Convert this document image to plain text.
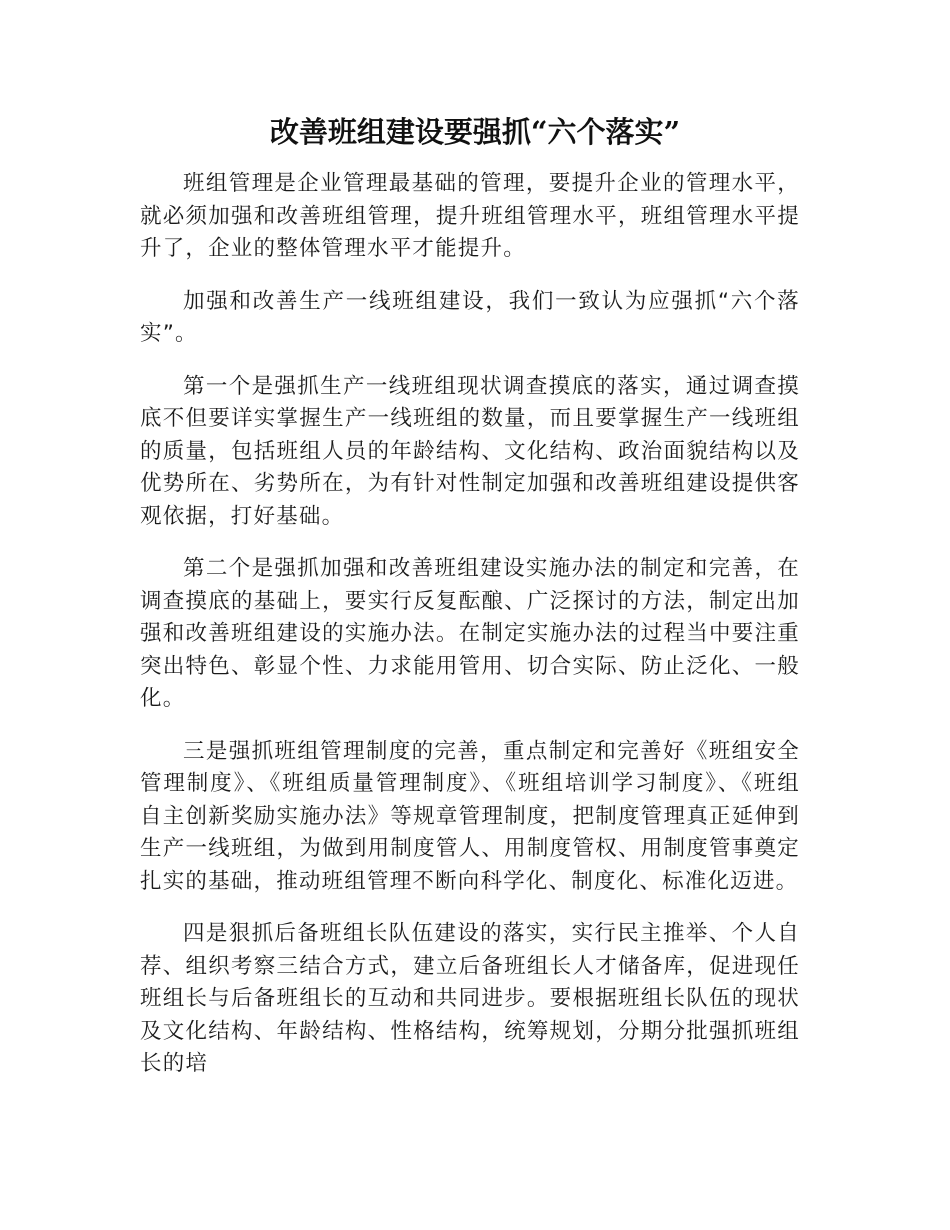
改善班组建设要强抓“六个落实”

班组管理是企业管理最基础的管理，要提升企业的管理水平，就必须加强和改善班组管理，提升班组管理水平，班组管理水平提升了，企业的整体管理水平才能提升。

加强和改善生产一线班组建设，我们一致认为应强抓“六个落实”。

第一个是强抓生产一线班组现状调查摸底的落实，通过调查摸底不但要详实掌握生产一线班组的数量，而且要掌握生产一线班组的质量，包括班组人员的年龄结构、文化结构、政治面貌结构以及优势所在、劣势所在，为有针对性制定加强和改善班组建设提供客观依据，打好基础。

第二个是强抓加强和改善班组建设实施办法的制定和完善，在调查摸底的基础上，要实行反复酝酿、广泛探讨的方法，制定出加强和改善班组建设的实施办法。在制定实施办法的过程当中要注重突出特色、彰显个性、力求能用管用、切合实际、防止泛化、一般化。

三是强抓班组管理制度的完善，重点制定和完善好《班组安全管理制度》、《班组质量管理制度》、《班组培训学习制度》、《班组自主创新奖励实施办法》等规章管理制度，把制度管理真正延伸到生产一线班组，为做到用制度管人、用制度管权、用制度管事奠定扎实的基础，推动班组管理不断向科学化、制度化、标准化迈进。

四是狠抓后备班组长队伍建设的落实，实行民主推举、个人自荐、组织考察三结合方式，建立后备班组长人才储备库，促进现任班组长与后备班组长的互动和共同进步。要根据班组长队伍的现状及文化结构、年龄结构、性格结构，统筹规划，分期分批强抓班组长的培
